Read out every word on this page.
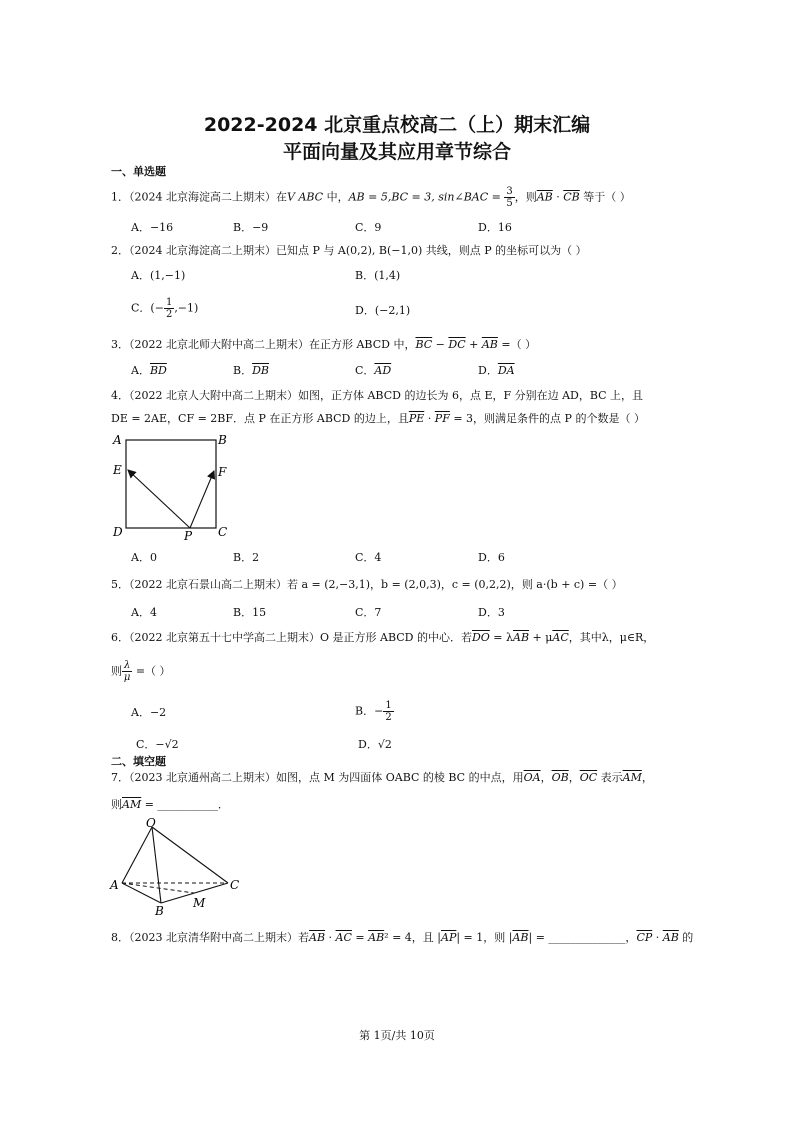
2022-2024 北京重点校高二（上）期末汇编
平面向量及其应用章节综合
一、单选题
1．（2024 北京海淀高二上期末）在V ABC 中，AB = 5,BC = 3, sin∠BAC = $\frac{3}{5}$ ，则$\overline{AB} \cdot \overline{CB}$ 等于（ ）
A．−16	B．−9	C．9	D．16
2．（2024 北京海淀高二上期末）已知点 P 与 A(0,2), B(−1,0) 共线，则点 P 的坐标可以为（ ）
A．(1,−1)	B．(1,4)
C．(− $\frac{1}{2} ,-1$)	D．(−2,1)
3．（2022 北京北师大附中高二上期末）在正方形 ABCD 中，$\overline{BC} - \overline{DC} + \overline{AB}$ =（ ）
A．$\overline{BD}$	B．$\overline{DB}$	C．$\overline{AD}$	D．$\overline{DA}$
4．（2022 北京人大附中高二上期末）如图，正方体 ABCD 的边长为 6，点 E，F 分别在边 AD，BC 上，且
DE = 2AE，CF = 2BF．点 P 在正方形 ABCD 的边上，且$\overline{PE} \cdot \overline{PF} = 3$，则满足条件的点 P 的个数是（ ）
A	B
C
D
E	F
P
A．0	B．2	C．4	D．6
5．（2022 北京石景山高二上期末）若 a = (2,−3,1)，b = (2,0,3)，c = (0,2,2)，则 a·(b + c) =（ ）
A．4	B．15	C．7	D．3
6．（2022 北京第五十七中学高二上期末）O 是正方形 ABCD 的中心．若$\overline{DO} = \lambda\overline{AB} + \mu\overline{AC}$，其中λ，μ∈R，
则 $\frac{\lambda}{\mu}$ =（ ）
A．−2	B．− $\frac{1}{2}$
C．−√2	D．√2
二、填空题
7．（2023 北京通州高二上期末）如图，点 M 为四面体 OABC 的棱 BC 的中点，用$\overline{OA}$，$\overline{OB}$，$\overline{OC}$ 表示$\overline{AM}$，
则$\overline{AM}$ = ___________．
O
A
B
C
M
8．（2023 北京清华附中高二上期末）若$\overline{AB} \cdot \overline{AC} = \overline{AB}^2 = 4$，且 $|\overline{AP}| = 1$，则 $|\overline{AB}|$ = ______________，$\overline{CP} \cdot \overline{AB}$ 的
第 1页/共 10页
